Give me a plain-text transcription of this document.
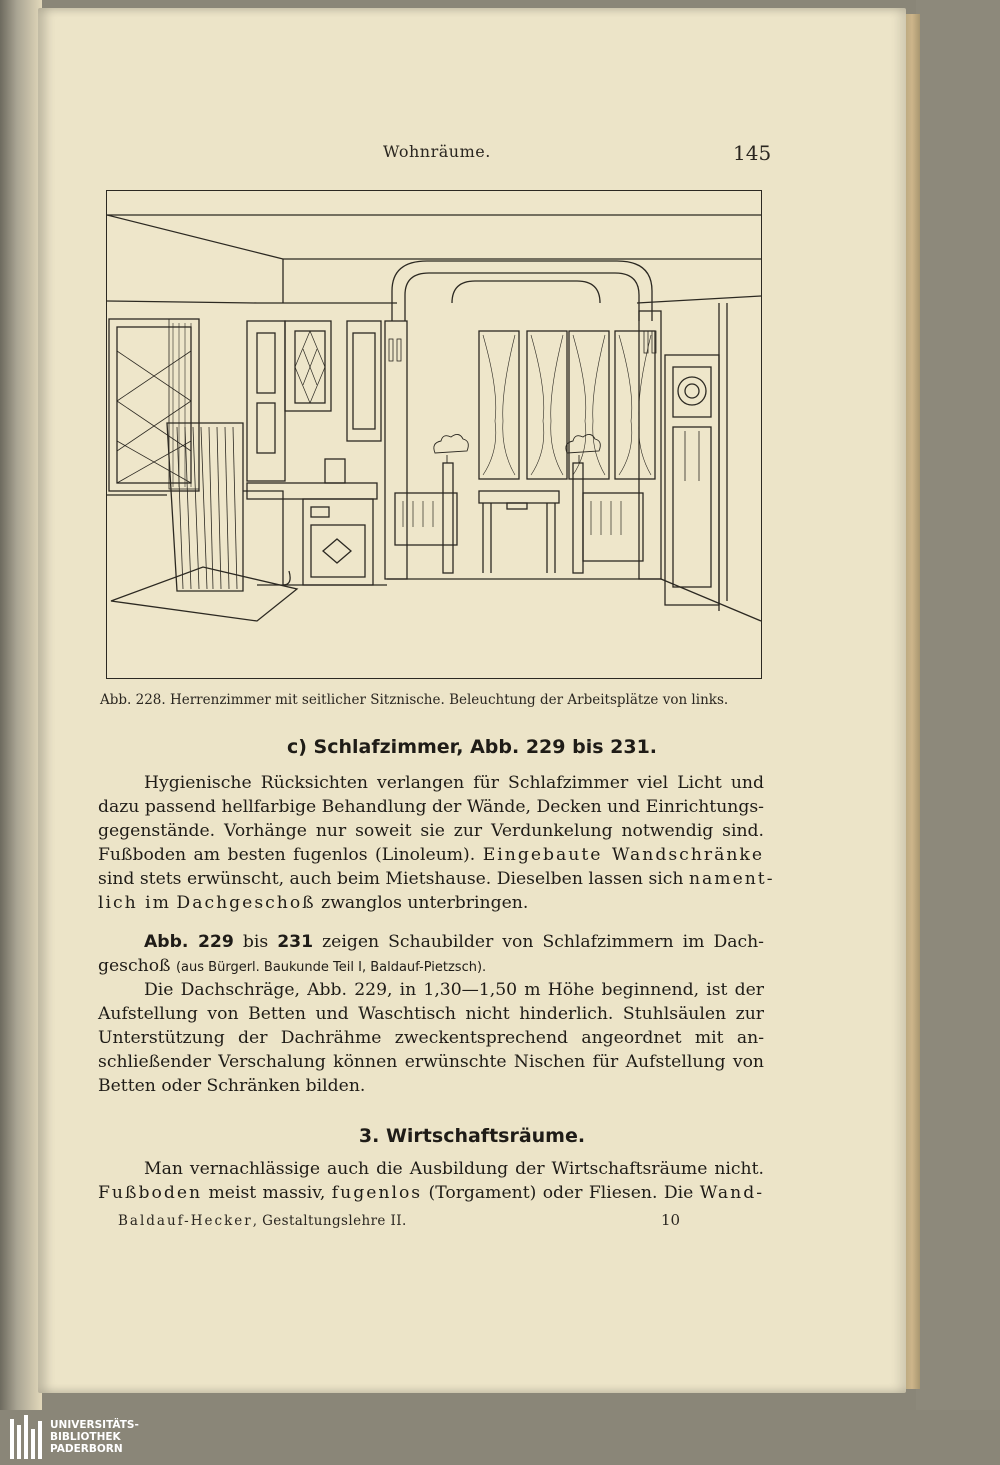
Wohnräume.	145
Abb. 228. Herrenzimmer mit seitlicher Sitznische. Beleuchtung der Arbeitsplätze von links.
c) Schlafzimmer, Abb. 229 bis 231.
Hygienische Rücksichten verlangen für Schlafzimmer viel Licht und
dazu passend hellfarbige Behandlung der Wände, Decken und Einrichtungs-
gegenstände. Vorhänge nur soweit sie zur Verdunkelung notwendig sind.
Fußboden am besten fugenlos (Linoleum). Eingebaute Wandschränke
sind stets erwünscht, auch beim Mietshause. Dieselben lassen sich nament-
lich im Dachgeschoß zwanglos unterbringen.
Abb. 229 bis 231 zeigen Schaubilder von Schlafzimmern im Dach-
geschoß (aus Bürgerl. Baukunde Teil I, Baldauf-Pietzsch).
Die Dachschräge, Abb. 229, in 1,30—1,50 m Höhe beginnend, ist der
Aufstellung von Betten und Waschtisch nicht hinderlich. Stuhlsäulen zur
Unterstützung der Dachrähme zweckentsprechend angeordnet mit an-
schließender Verschalung können erwünschte Nischen für Aufstellung von
Betten oder Schränken bilden.
3. Wirtschaftsräume.
Man vernachlässige auch die Ausbildung der Wirtschaftsräume nicht.
Fußboden meist massiv, fugenlos (Torgament) oder Fliesen. Die Wand-
Baldauf-Hecker, Gestaltungslehre II.	10
UNIVERSITÄTS-
BIBLIOTHEK
PADERBORN
